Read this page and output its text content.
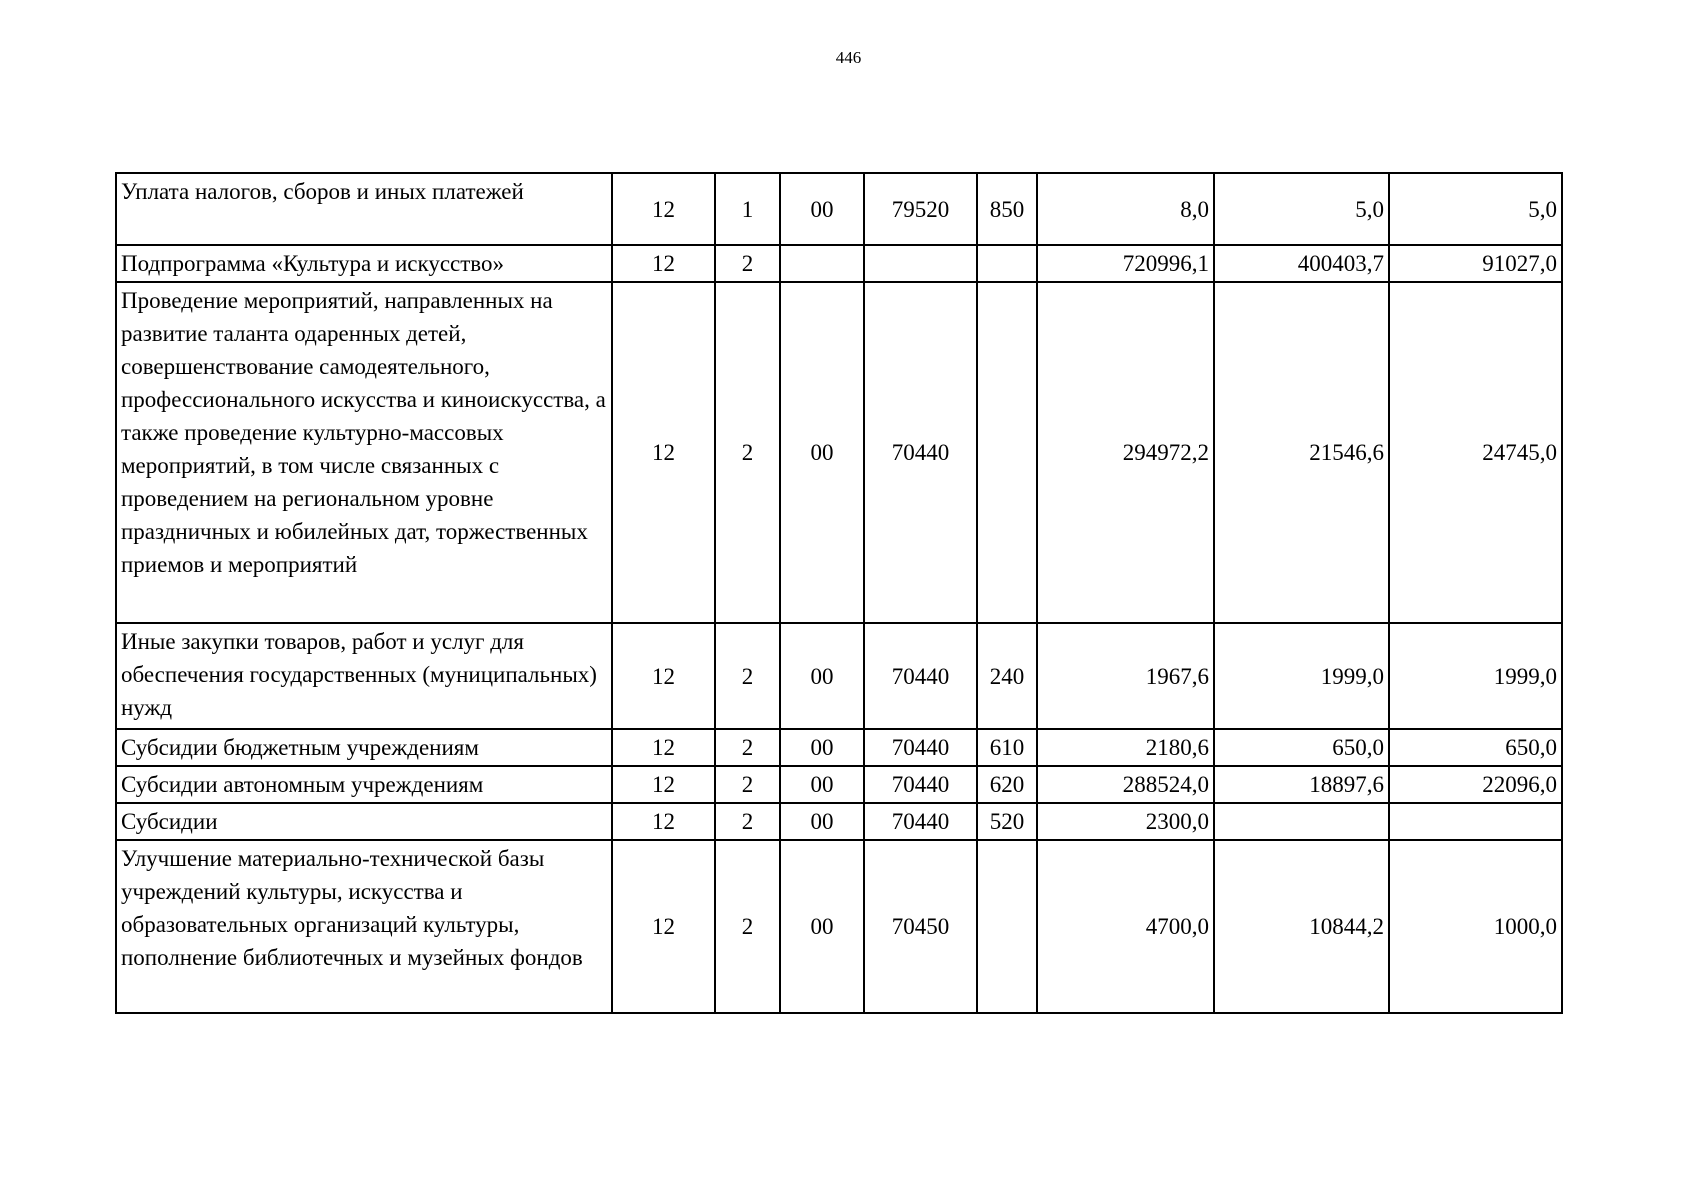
446
Уплата налогов, сборов и иных платежей	12	1	00	79520	850	8,0	5,0	5,0
Подпрограмма «Культура и искусство»	12	2				720996,1	400403,7	91027,0
Проведение мероприятий, направленных на развитие таланта одаренных детей, совершенствование самодеятельного, профессионального искусства и киноискусства, а также проведение культурно-массовых мероприятий, в том числе связанных с проведением на региональном уровне праздничных и юбилейных дат, торжественных приемов и мероприятий	12	2	00	70440		294972,2	21546,6	24745,0
Иные закупки товаров, работ и услуг для обеспечения государственных (муниципальных) нужд	12	2	00	70440	240	1967,6	1999,0	1999,0
Субсидии бюджетным учреждениям	12	2	00	70440	610	2180,6	650,0	650,0
Субсидии автономным учреждениям	12	2	00	70440	620	288524,0	18897,6	22096,0
Субсидии	12	2	00	70440	520	2300,0		
Улучшение материально-технической базы учреждений культуры, искусства и образовательных организаций культуры, пополнение библиотечных и музейных фондов	12	2	00	70450		4700,0	10844,2	1000,0
